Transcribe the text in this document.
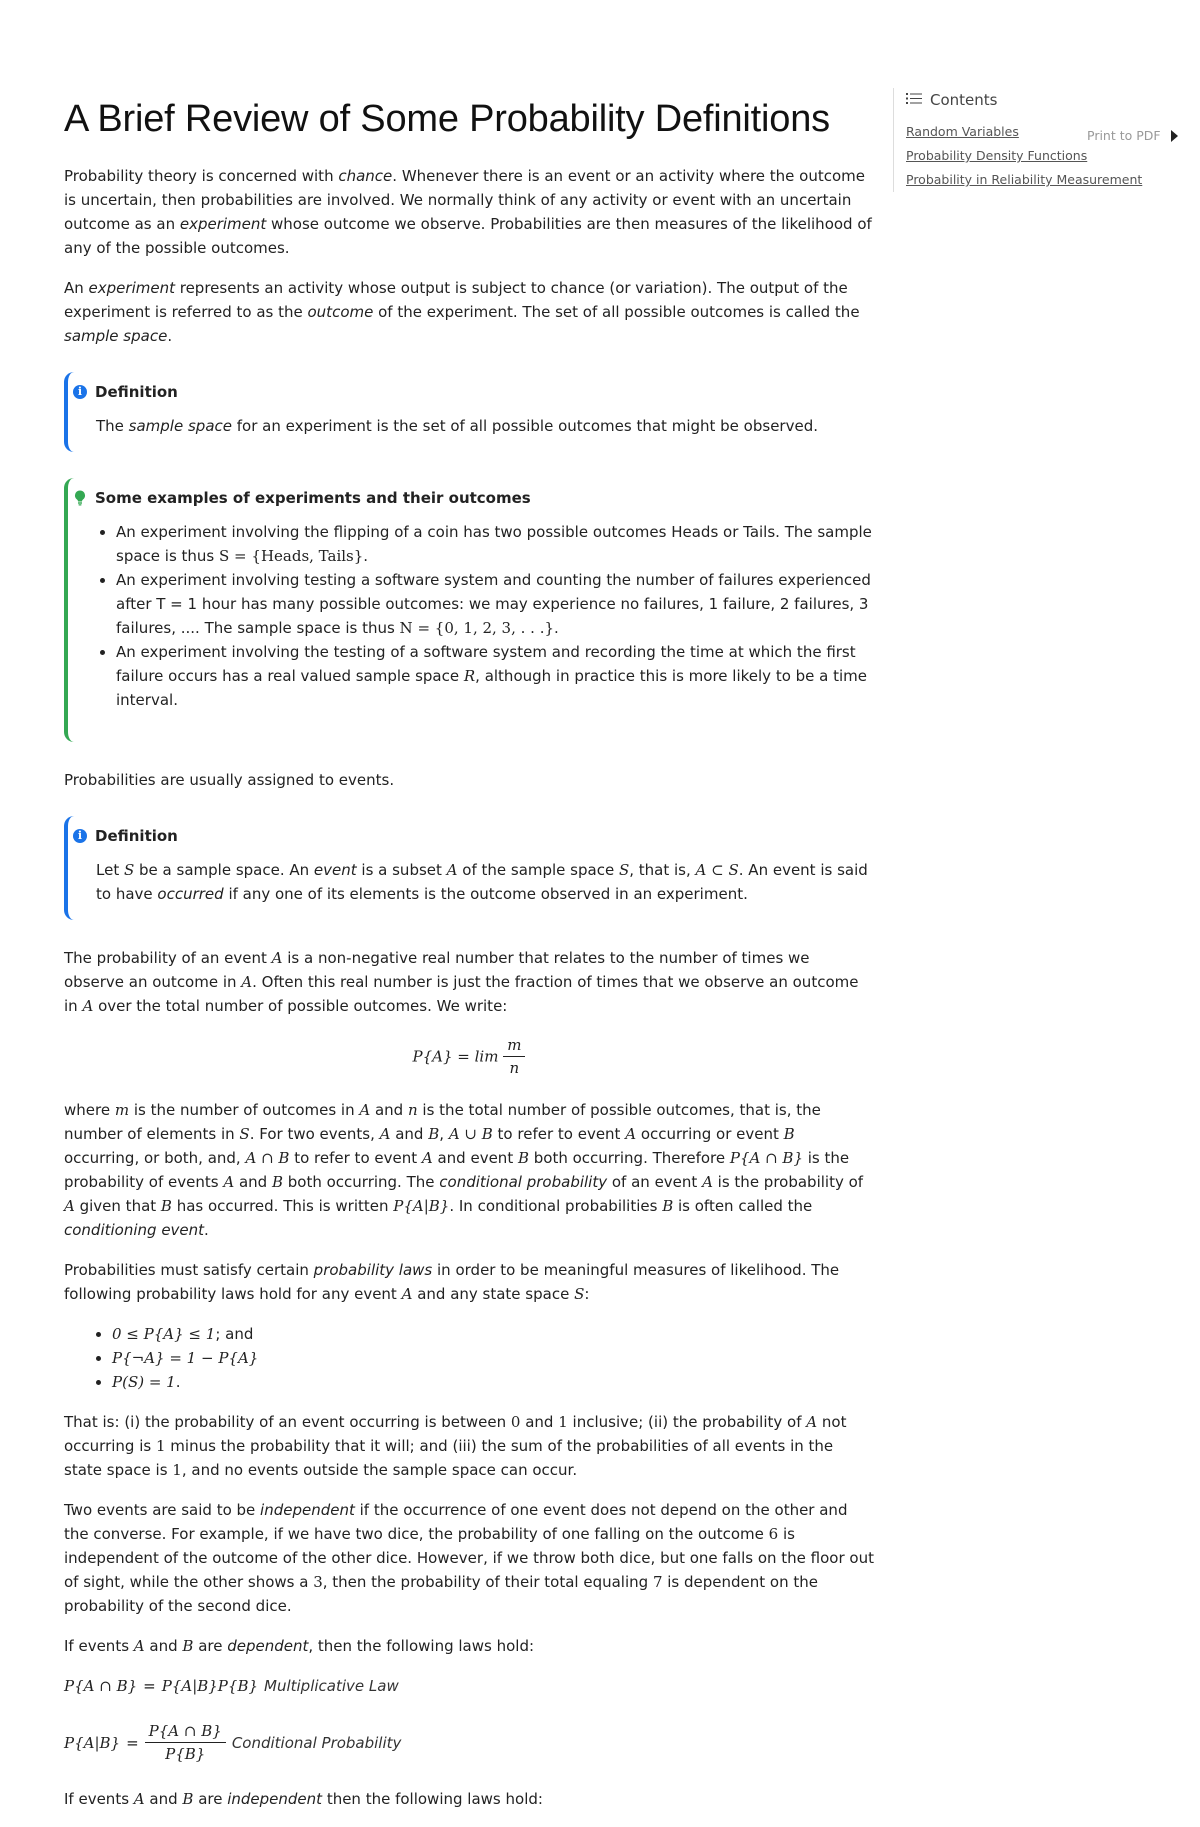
A Brief Review of Some Probability Definitions

Probability theory is concerned with chance. Whenever there is an event or an activity where the outcome is uncertain, then probabilities are involved. We normally think of any activity or event with an uncertain outcome as an experiment whose outcome we observe. Probabilities are then measures of the likelihood of any of the possible outcomes.

An experiment represents an activity whose output is subject to chance (or variation). The output of the experiment is referred to as the outcome of the experiment. The set of all possible outcomes is called the sample space.

i Definition
The sample space for an experiment is the set of all possible outcomes that might be observed.
Some examples of experiments and their outcomes
• An experiment involving the flipping of a coin has two possible outcomes Heads or Tails. The sample space is thus S = {Heads, Tails}.
• An experiment involving testing a software system and counting the number of failures experienced after T = 1 hour has many possible outcomes: we may experience no failures, 1 failure, 2 failures, 3 failures, .... The sample space is thus N = {0, 1, 2, 3, . . .}.
• An experiment involving the testing of a software system and recording the time at which the first failure occurs has a real valued sample space R, although in practice this is more likely to be a time interval.

Probabilities are usually assigned to events.

i Definition
Let S be a sample space. An event is a subset A of the sample space S, that is, A ⊂ S. An event is said to have occurred if any one of its elements is the outcome observed in an experiment.

The probability of an event A is a non-negative real number that relates to the number of times we observe an outcome in A. Often this real number is just the fraction of times that we observe an outcome in A over the total number of possible outcomes. We write:

$P\{A\} = \lim \frac{m}{n}$

where m is the number of outcomes in A and n is the total number of possible outcomes, that is, the number of elements in S. For two events, A and B, A ∪ B to refer to event A occurring or event B occurring, or both, and, A ∩ B to refer to event A and event B both occurring. Therefore P{A ∩ B} is the probability of events A and B both occurring. The conditional probability of an event A is the probability of A given that B has occurred. This is written P{A|B}. In conditional probabilities B is often called the conditioning event.

Probabilities must satisfy certain probability laws in order to be meaningful measures of likelihood. The following probability laws hold for any event A and any state space S:

• 0 ≤ P{A} ≤ 1; and
• P{¬A} = 1 − P{A}
• P(S) = 1.

That is: (i) the probability of an event occurring is between 0 and 1 inclusive; (ii) the probability of A not occurring is 1 minus the probability that it will; and (iii) the sum of the probabilities of all events in the state space is 1, and no events outside the sample space can occur.

Two events are said to be independent if the occurrence of one event does not depend on the other and the converse. For example, if we have two dice, the probability of one falling on the outcome 6 is independent of the outcome of the other dice. However, if we throw both dice, but one falls on the floor out of sight, while the other shows a 3, then the probability of their total equaling 7 is dependent on the probability of the second dice.

If events A and B are dependent, then the following laws hold:

P{A ∩ B} = P{A|B}P{B} Multiplicative Law
$P\{A|B\} = \frac{P\{A \cap B\}}{P\{B\}}$ Conditional Probability

If events A and B are independent then the following laws hold:

Contents
Random Variables
Probability Density Functions
Probability in Reliability Measurement
Print to PDF
